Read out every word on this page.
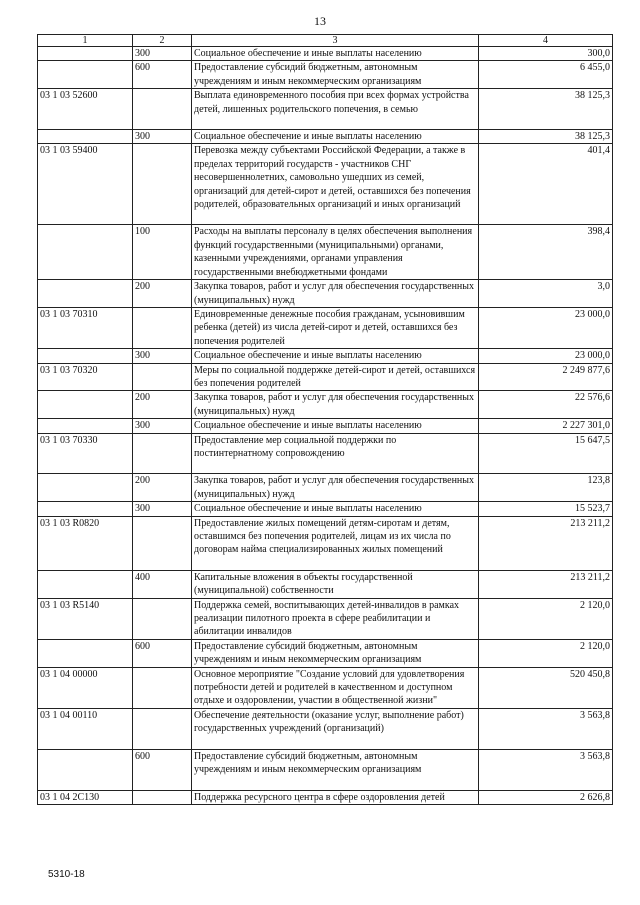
13
1	2	3	4
	300	Социальное обеспечение и иные выплаты населению	300,0
	600	Предоставление субсидий бюджетным, автономным учреждениям и иным некоммерческим организациям	6 455,0
03 1 03 52600		Выплата единовременного пособия при всех формах устройства детей, лишенных родительского попечения, в семью	38 125,3
	300	Социальное обеспечение и иные выплаты населению	38 125,3
03 1 03 59400		Перевозка между субъектами Российской Федерации, а также в пределах территорий государств - участников СНГ несовершеннолетних, самовольно ушедших из семей, организаций для детей-сирот и детей, оставшихся без попечения родителей, образовательных организаций и иных организаций	401,4
	100	Расходы на выплаты персоналу в целях обеспечения выполнения функций государственными (муниципальными) органами, казенными учреждениями, органами управления государственными внебюджетными фондами	398,4
	200	Закупка товаров, работ и услуг для обеспечения государственных (муниципальных) нужд	3,0
03 1 03 70310		Единовременные денежные пособия гражданам, усыновившим ребенка (детей) из числа детей-сирот и детей, оставшихся без попечения родителей	23 000,0
	300	Социальное обеспечение и иные выплаты населению	23 000,0
03 1 03 70320		Меры по социальной поддержке детей-сирот и детей, оставшихся без попечения родителей	2 249 877,6
	200	Закупка товаров, работ и услуг для обеспечения государственных (муниципальных) нужд	22 576,6
	300	Социальное обеспечение и иные выплаты населению	2 227 301,0
03 1 03 70330		Предоставление мер социальной поддержки по постинтернатному сопровождению	15 647,5
	200	Закупка товаров, работ и услуг для обеспечения государственных (муниципальных) нужд	123,8
	300	Социальное обеспечение и иные выплаты населению	15 523,7
03 1 03 R0820		Предоставление жилых помещений детям-сиротам и детям, оставшимся без попечения родителей, лицам из их числа по договорам найма специализированных жилых помещений	213 211,2
	400	Капитальные вложения в объекты государственной (муниципальной) собственности	213 211,2
03 1 03 R5140		Поддержка семей, воспитывающих детей-инвалидов в рамках реализации пилотного проекта в сфере реабилитации и абилитации инвалидов	2 120,0
	600	Предоставление субсидий бюджетным, автономным учреждениям и иным некоммерческим организациям	2 120,0
03 1 04 00000		Основное мероприятие "Создание условий для удовлетворения потребности детей и родителей в качественном и доступном отдыхе и оздоровлении, участии в общественной жизни"	520 450,8
03 1 04 00110		Обеспечение деятельности (оказание услуг, выполнение работ) государственных учреждений (организаций)	3 563,8
	600	Предоставление субсидий бюджетным, автономным учреждениям и иным некоммерческим организациям	3 563,8
03 1 04 2C130		Поддержка ресурсного центра в сфере оздоровления детей	2 626,8
5310-18
